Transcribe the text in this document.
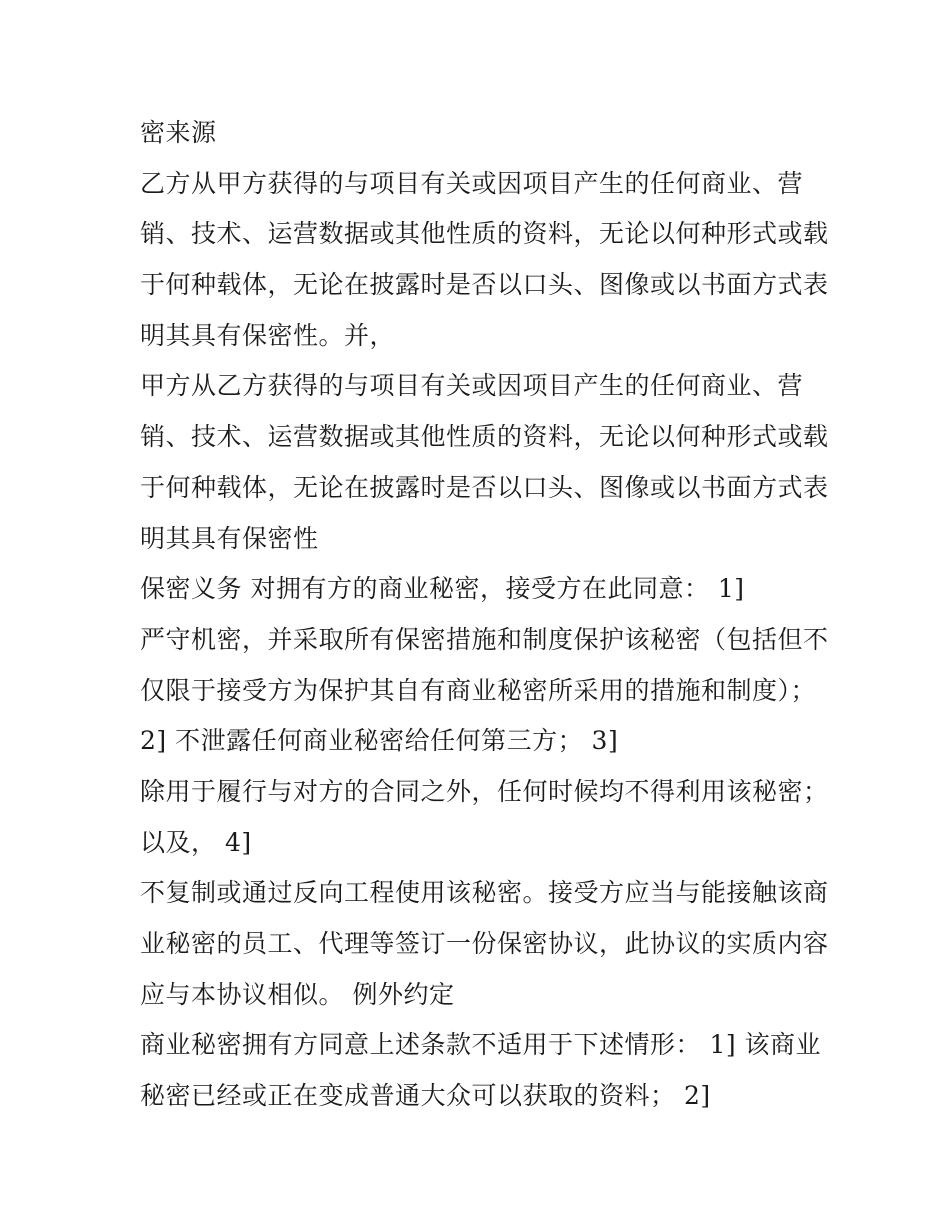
密来源
乙方从甲方获得的与项目有关或因项目产生的任何商业、营
销、技术、运营数据或其他性质的资料，无论以何种形式或载
于何种载体，无论在披露时是否以口头、图像或以书面方式表
明其具有保密性。并，
甲方从乙方获得的与项目有关或因项目产生的任何商业、营
销、技术、运营数据或其他性质的资料，无论以何种形式或载
于何种载体，无论在披露时是否以口头、图像或以书面方式表
明其具有保密性
保密义务 对拥有方的商业秘密，接受方在此同意： 1]
严守机密，并采取所有保密措施和制度保护该秘密（包括但不
仅限于接受方为保护其自有商业秘密所采用的措施和制度）；
2] 不泄露任何商业秘密给任何第三方； 3]
除用于履行与对方的合同之外，任何时候均不得利用该秘密；
以及， 4]
不复制或通过反向工程使用该秘密。接受方应当与能接触该商
业秘密的员工、代理等签订一份保密协议，此协议的实质内容
应与本协议相似。 例外约定
商业秘密拥有方同意上述条款不适用于下述情形： 1] 该商业
秘密已经或正在变成普通大众可以获取的资料； 2]
